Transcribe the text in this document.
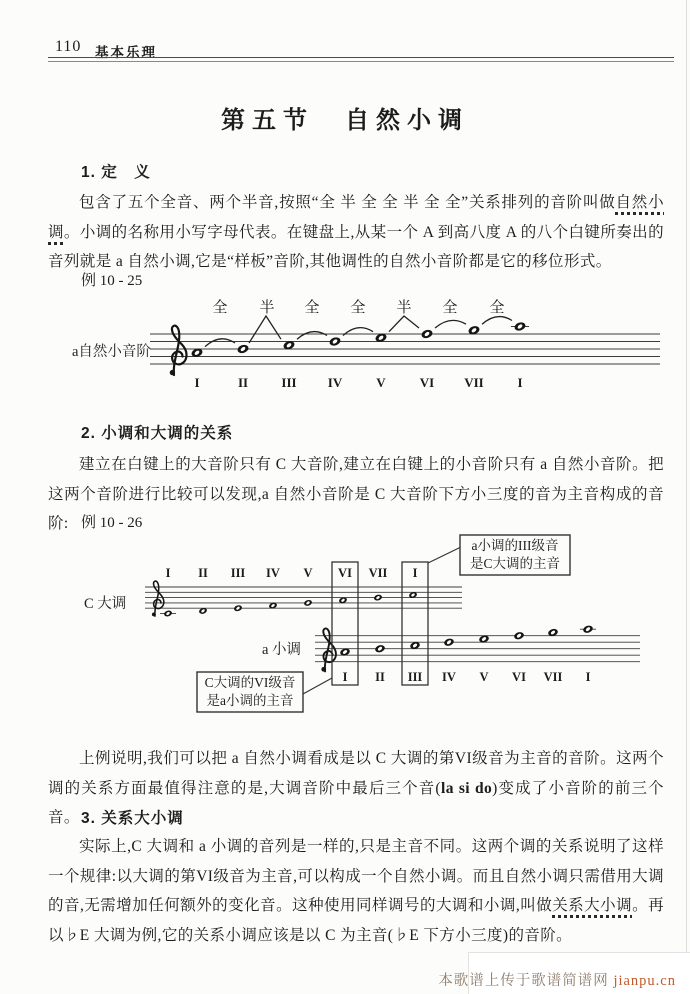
110 基本乐理
第五节　自然小调
1. 定　义
包含了五个全音、两个半音,按照“全 半 全 全 半 全 全”关系排列的音阶叫做自然小调。小调的名称用小写字母代表。在键盘上,从某一个 A 到高八度 A 的八个白键所奏出的音列就是 a 自然小调,它是“样板”音阶,其他调性的自然小音阶都是它的移位形式。
例 10 - 25
a自然小音阶
全 半 全 全 半 全 全
I	II	III IV	V	VI VII	I
2. 小调和大调的关系
建立在白键上的大音阶只有 C 大音阶,建立在白键上的小音阶只有 a 自然小音阶。把这两个音阶进行比较可以发现,a 自然小音阶是 C 大音阶下方小三度的音为主音构成的音阶: 例 10 - 26
C 大调
I II III IV V VI VII I
a 小调
I II III IV V VI VII I
a小调的III级音
是C大调的主音
C大调的VI级音
是a小调的主音
上例说明,我们可以把 a 自然小调看成是以 C 大调的第VI级音为主音的音阶。这两个调的关系方面最值得注意的是,大调音阶中最后三个音(la si do)变成了小音阶的前三个音。 3. 关系大小调
实际上,C 大调和 a 小调的音列是一样的,只是主音不同。这两个调的关系说明了这样一个规律:以大调的第VI级音为主音,可以构成一个自然小调。而且自然小调只需借用大调的音,无需增加任何额外的变化音。这种使用同样调号的大调和小调,叫做关系大小调。再以♭E 大调为例,它的关系小调应该是以 C 为主音(♭E 下方小三度)的音阶。
本歌谱上传于歌谱简谱网 jianpu.cn
